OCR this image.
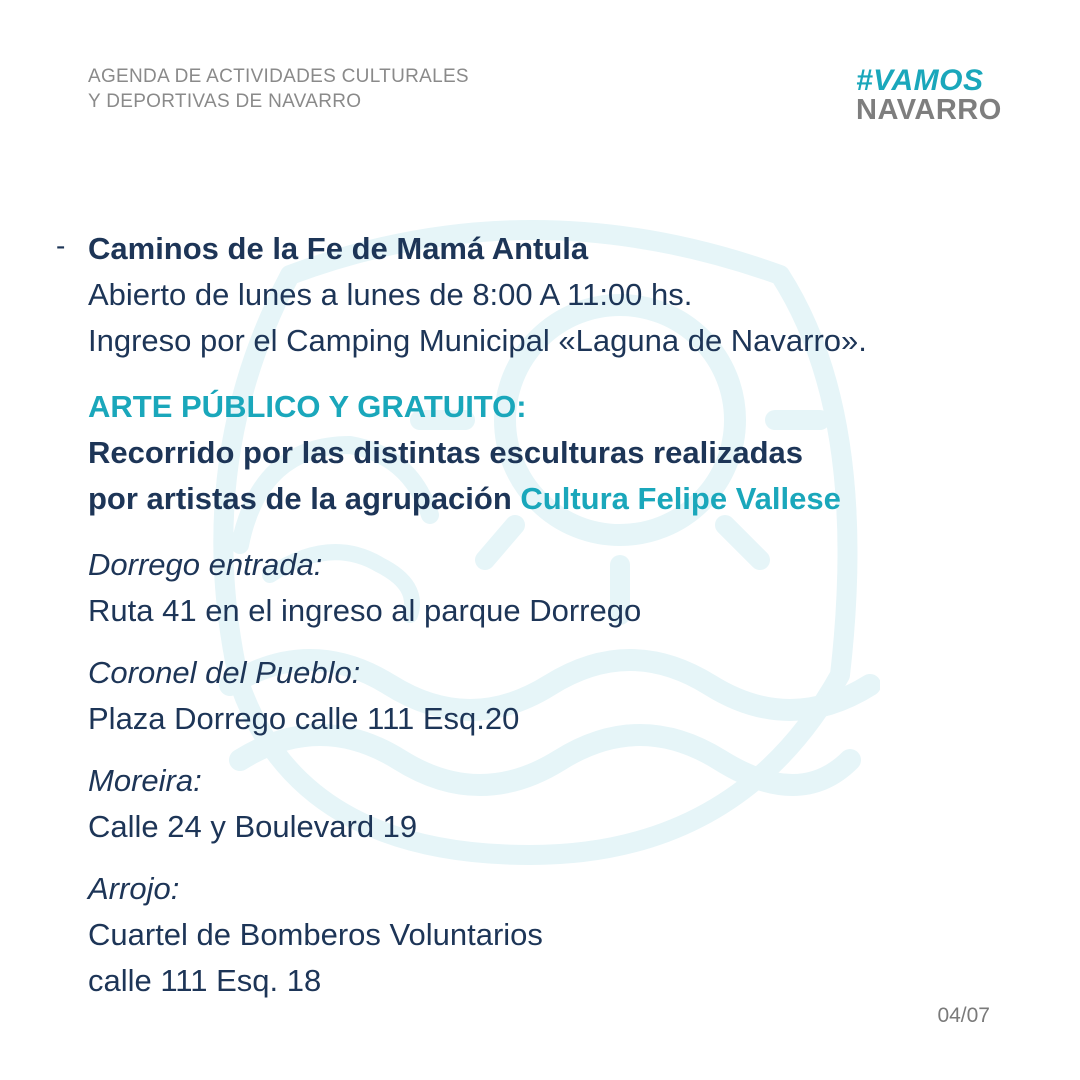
AGENDA DE ACTIVIDADES CULTURALES
Y DEPORTIVAS DE NAVARRO
#VAMOS
NAVARRO
- Caminos de la Fe de Mamá Antula
Abierto de lunes a lunes de 8:00 A 11:00 hs.
Ingreso por el Camping Municipal «Laguna de Navarro».
ARTE PÚBLICO Y GRATUITO:
Recorrido por las distintas esculturas realizadas
por artistas de la agrupación Cultura Felipe Vallese
Dorrego entrada:
Ruta 41 en el ingreso al parque Dorrego
Coronel del Pueblo:
Plaza Dorrego calle 111 Esq.20
Moreira:
Calle 24 y Boulevard 19
Arrojo:
Cuartel de Bomberos Voluntarios
calle 111 Esq. 18
04/07
